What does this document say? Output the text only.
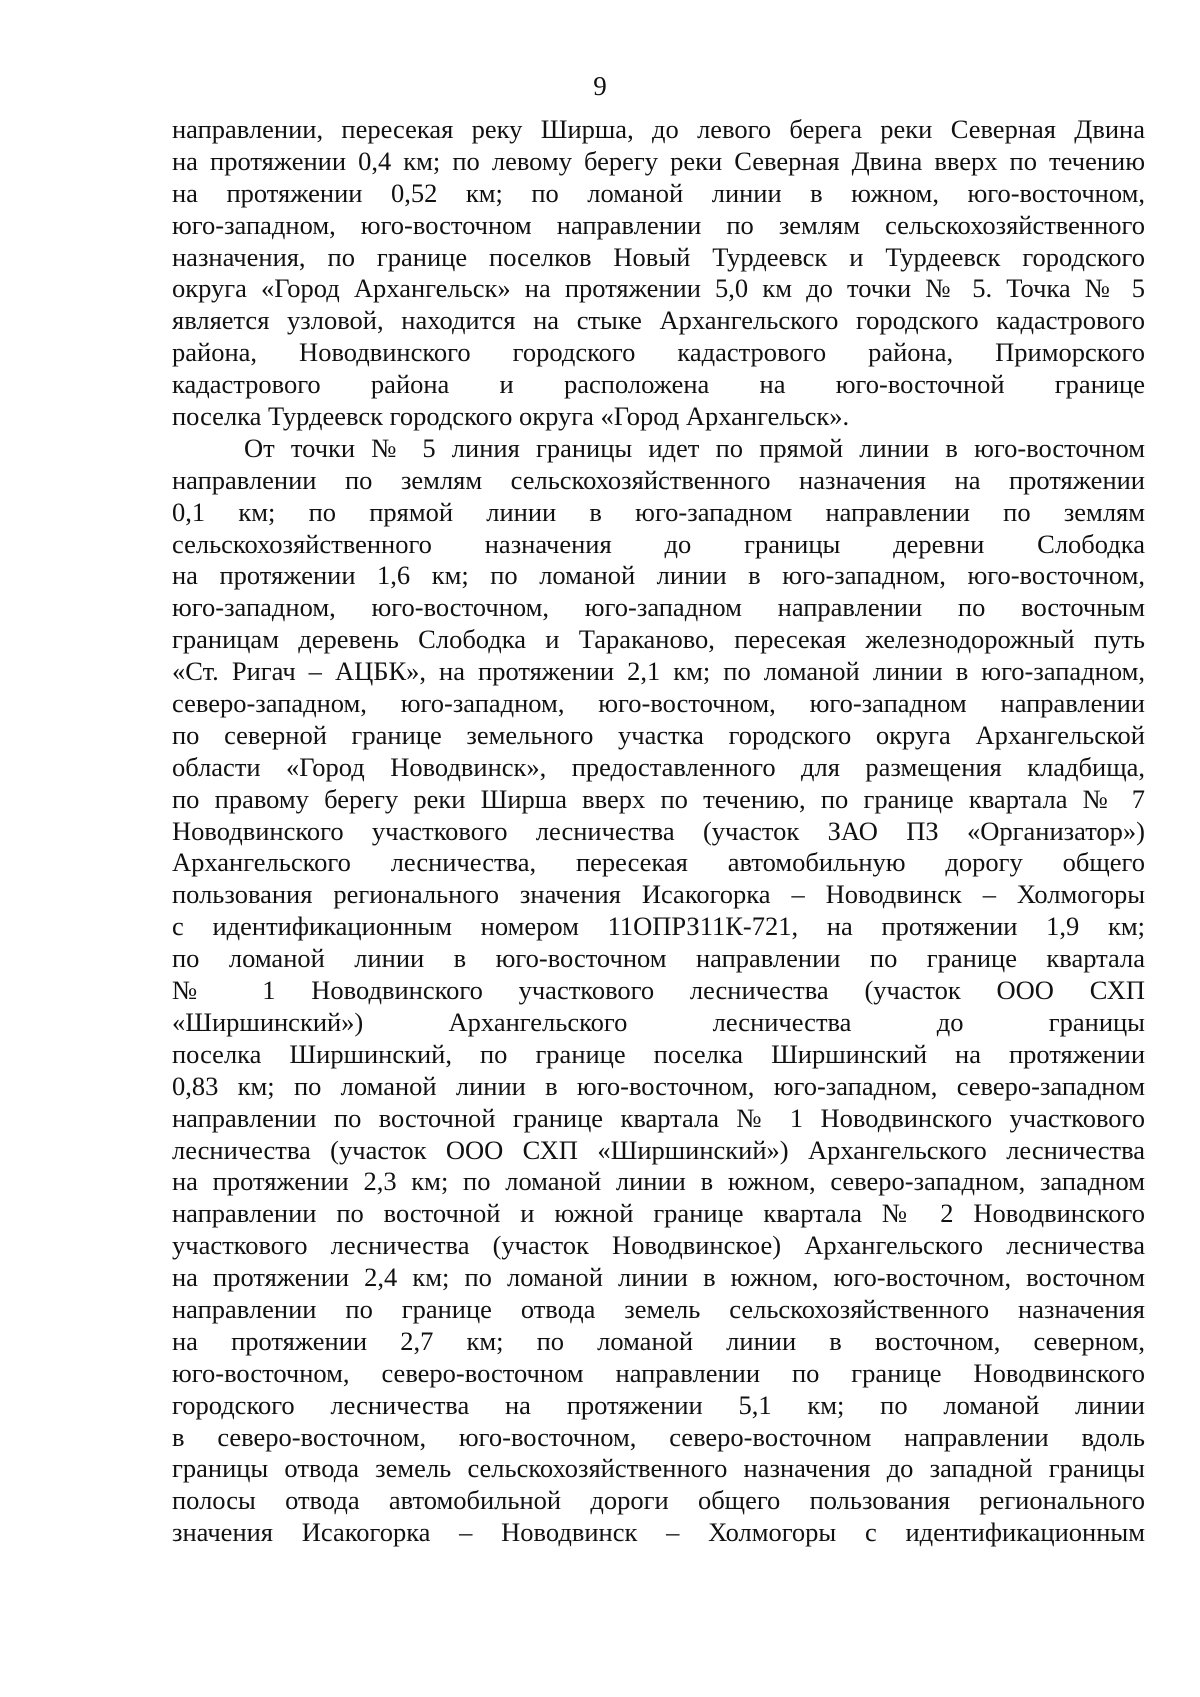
9
направлении, пересекая реку Ширша, до левого берега реки Северная Двина
на протяжении 0,4 км; по левому берегу реки Северная Двина вверх по течению
на протяжении 0,52 км; по ломаной линии в южном, юго-восточном,
юго-западном, юго-восточном направлении по землям сельскохозяйственного
назначения, по границе поселков Новый Турдеевск и Турдеевск городского
округа «Город Архангельск» на протяжении 5,0 км до точки № 5. Точка № 5
является узловой, находится на стыке Архангельского городского кадастрового
района, Новодвинского городского кадастрового района, Приморского
кадастрового района и расположена на юго-восточной границе
поселка Турдеевск городского округа «Город Архангельск».
От точки № 5 линия границы идет по прямой линии в юго-восточном
направлении по землям сельскохозяйственного назначения на протяжении
0,1 км; по прямой линии в юго-западном направлении по землям
сельскохозяйственного назначения до границы деревни Слободка
на протяжении 1,6 км; по ломаной линии в юго-западном, юго-восточном,
юго-западном, юго-восточном, юго-западном направлении по восточным
границам деревень Слободка и Тараканово, пересекая железнодорожный путь
«Ст. Ригач – АЦБК», на протяжении 2,1 км; по ломаной линии в юго-западном,
северо-западном, юго-западном, юго-восточном, юго-западном направлении
по северной границе земельного участка городского округа Архангельской
области «Город Новодвинск», предоставленного для размещения кладбища,
по правому берегу реки Ширша вверх по течению, по границе квартала № 7
Новодвинского участкового лесничества (участок ЗАО ПЗ «Организатор»)
Архангельского лесничества, пересекая автомобильную дорогу общего
пользования регионального значения Исакогорка – Новодвинск – Холмогоры
с идентификационным номером 11ОПРЗ11К-721, на протяжении 1,9 км;
по ломаной линии в юго-восточном направлении по границе квартала
№ 1 Новодвинского участкового лесничества (участок ООО СХП
«Ширшинский») Архангельского лесничества до границы
поселка Ширшинский, по границе поселка Ширшинский на протяжении
0,83 км; по ломаной линии в юго-восточном, юго-западном, северо-западном
направлении по восточной границе квартала № 1 Новодвинского участкового
лесничества (участок ООО СХП «Ширшинский») Архангельского лесничества
на протяжении 2,3 км; по ломаной линии в южном, северо-западном, западном
направлении по восточной и южной границе квартала № 2 Новодвинского
участкового лесничества (участок Новодвинское) Архангельского лесничества
на протяжении 2,4 км; по ломаной линии в южном, юго-восточном, восточном
направлении по границе отвода земель сельскохозяйственного назначения
на протяжении 2,7 км; по ломаной линии в восточном, северном,
юго-восточном, северо-восточном направлении по границе Новодвинского
городского лесничества на протяжении 5,1 км; по ломаной линии
в северо-восточном, юго-восточном, северо-восточном направлении вдоль
границы отвода земель сельскохозяйственного назначения до западной границы
полосы отвода автомобильной дороги общего пользования регионального
значения Исакогорка – Новодвинск – Холмогоры с идентификационным
